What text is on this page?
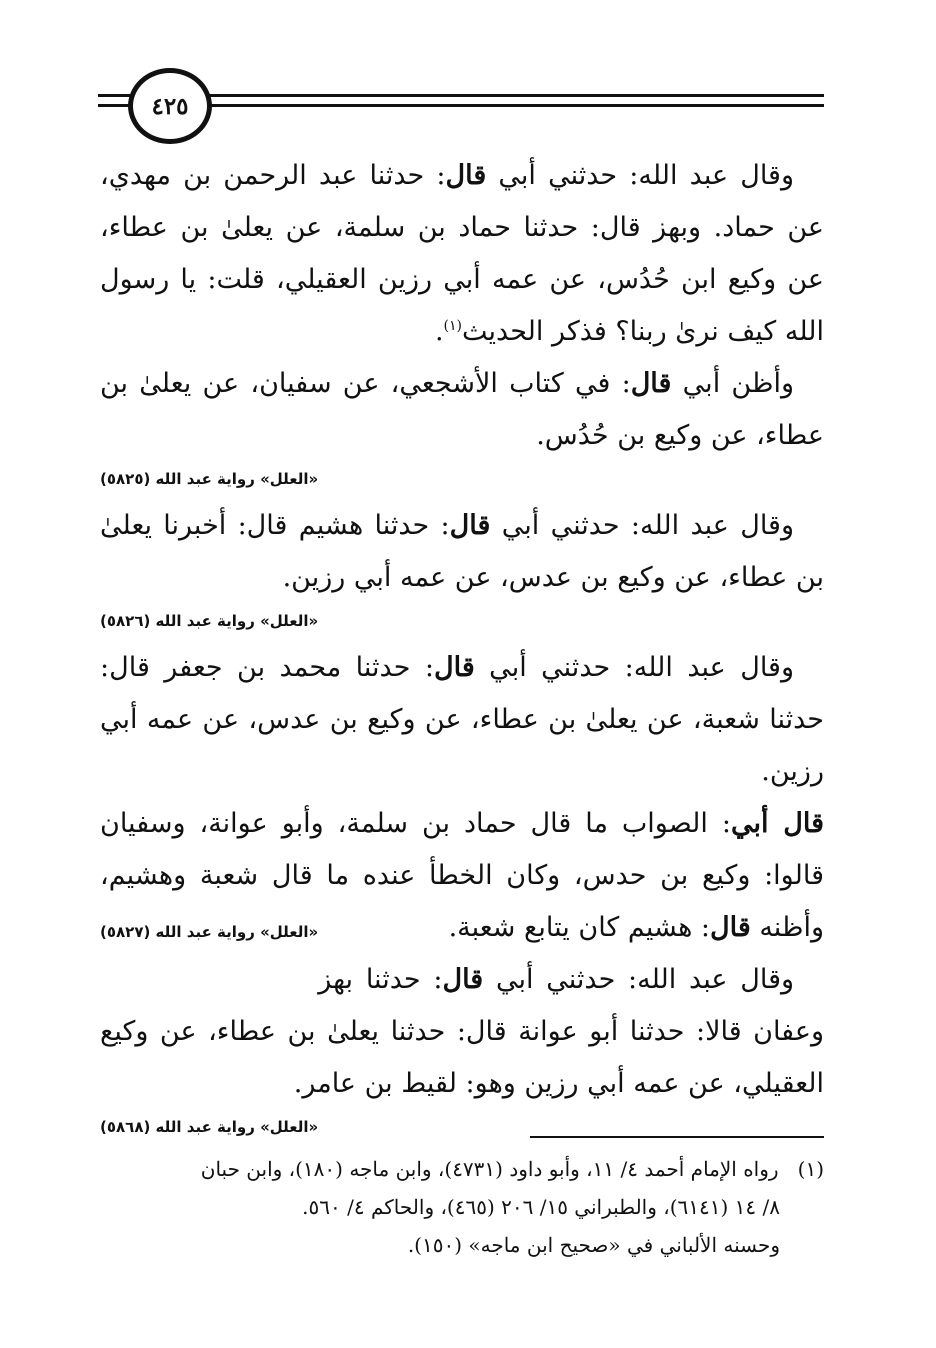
٤٢٥

وقال عبد الله: حدثني أبي قال: حدثنا عبد الرحمن بن مهدي، عن حماد. وبهز قال: حدثنا حماد بن سلمة، عن يعلىٰ بن عطاء، عن وكيع ابن حُدُس، عن عمه أبي رزين العقيلي، قلت: يا رسول الله كيف نرىٰ ربنا؟ فذكر الحديث$^{(١)}$.

وأظن أبي قال: في كتاب الأشجعي، عن سفيان، عن يعلىٰ بن عطاء، عن وكيع بن حُدُس.

«العلل» رواية عبد الله (٥٨٢٥)

وقال عبد الله: حدثني أبي قال: حدثنا هشيم قال: أخبرنا يعلىٰ بن عطاء، عن وكيع بن عدس، عن عمه أبي رزين.

«العلل» رواية عبد الله (٥٨٢٦)

وقال عبد الله: حدثني أبي قال: حدثنا محمد بن جعفر قال: حدثنا شعبة، عن يعلىٰ بن عطاء، عن وكيع بن عدس، عن عمه أبي رزين.

قال أبي: الصواب ما قال حماد بن سلمة، وأبو عوانة، وسفيان قالوا: وكيع بن حدس، وكان الخطأ عنده ما قال شعبة وهشيم، وأظنه قال: هشيم كان يتابع شعبة.
«العلل» رواية عبد الله (٥٨٢٧)

وقال عبد الله: حدثني أبي قال: حدثنا بهز وعفان قالا: حدثنا أبو عوانة قال: حدثنا يعلىٰ بن عطاء، عن وكيع العقيلي، عن عمه أبي رزين وهو: لقيط بن عامر.

«العلل» رواية عبد الله (٥٨٦٨)
(١)   رواه الإمام أحمد ٤/ ١١، وأبو داود (٤٧٣١)، وابن ماجه (١٨٠)، وابن حبان
٨/ ١٤ (٦١٤١)، والطبراني ١٥/ ٢٠٦ (٤٦٥)، والحاكم ٤/ ٥٦٠.
وحسنه الألباني في «صحيح ابن ماجه» (١٥٠).
